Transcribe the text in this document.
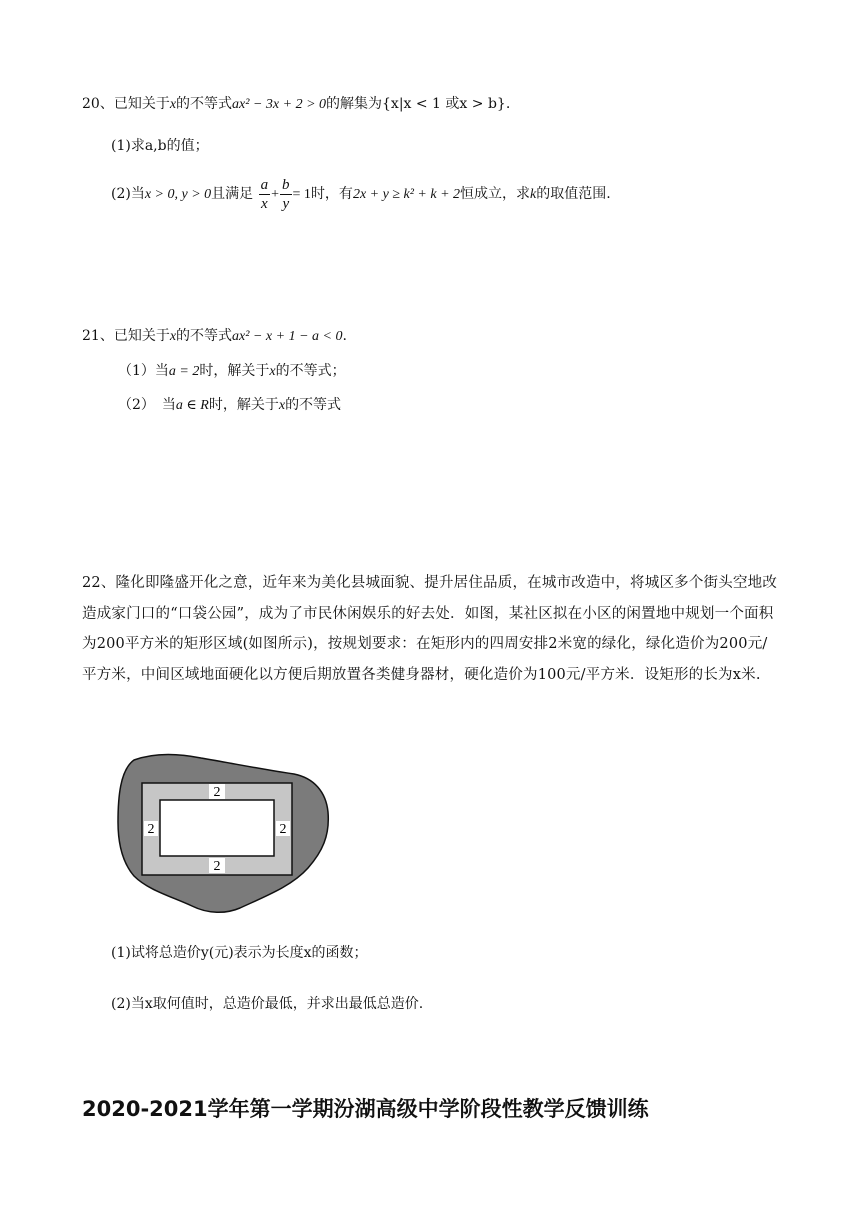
20、已知关于x的不等式ax² − 3x + 2 > 0的解集为{x|x < 1 或x > b}.
(1)求a,b的值；
(2)当x > 0, y > 0且满足 $\frac{a}{x} + \frac{b}{y} = 1$时，有2x + y ≥ k² + k + 2恒成立，求k的取值范围.
21、已知关于x的不等式ax² − x + 1 − a < 0.
（1）当a = 2时，解关于x的不等式；
（2）　当a ∈ R时，解关于x的不等式
22、隆化即隆盛开化之意，近年来为美化县城面貌、提升居住品质，在城市改造中，将城区多个街头空地改造成家门口的“口袋公园”，成为了市民休闲娱乐的好去处．如图，某社区拟在小区的闲置地中规划一个面积为200平方米的矩形区域(如图所示)，按规划要求：在矩形内的四周安排2米宽的绿化，绿化造价为200元/平方米，中间区域地面硬化以方便后期放置各类健身器材，硬化造价为100元/平方米．设矩形的长为x米.
2
2
2	2
(1)试将总造价y(元)表示为长度x的函数；
(2)当x取何值时，总造价最低，并求出最低总造价.
2020-2021学年第一学期汾湖高级中学阶段性教学反馈训练
